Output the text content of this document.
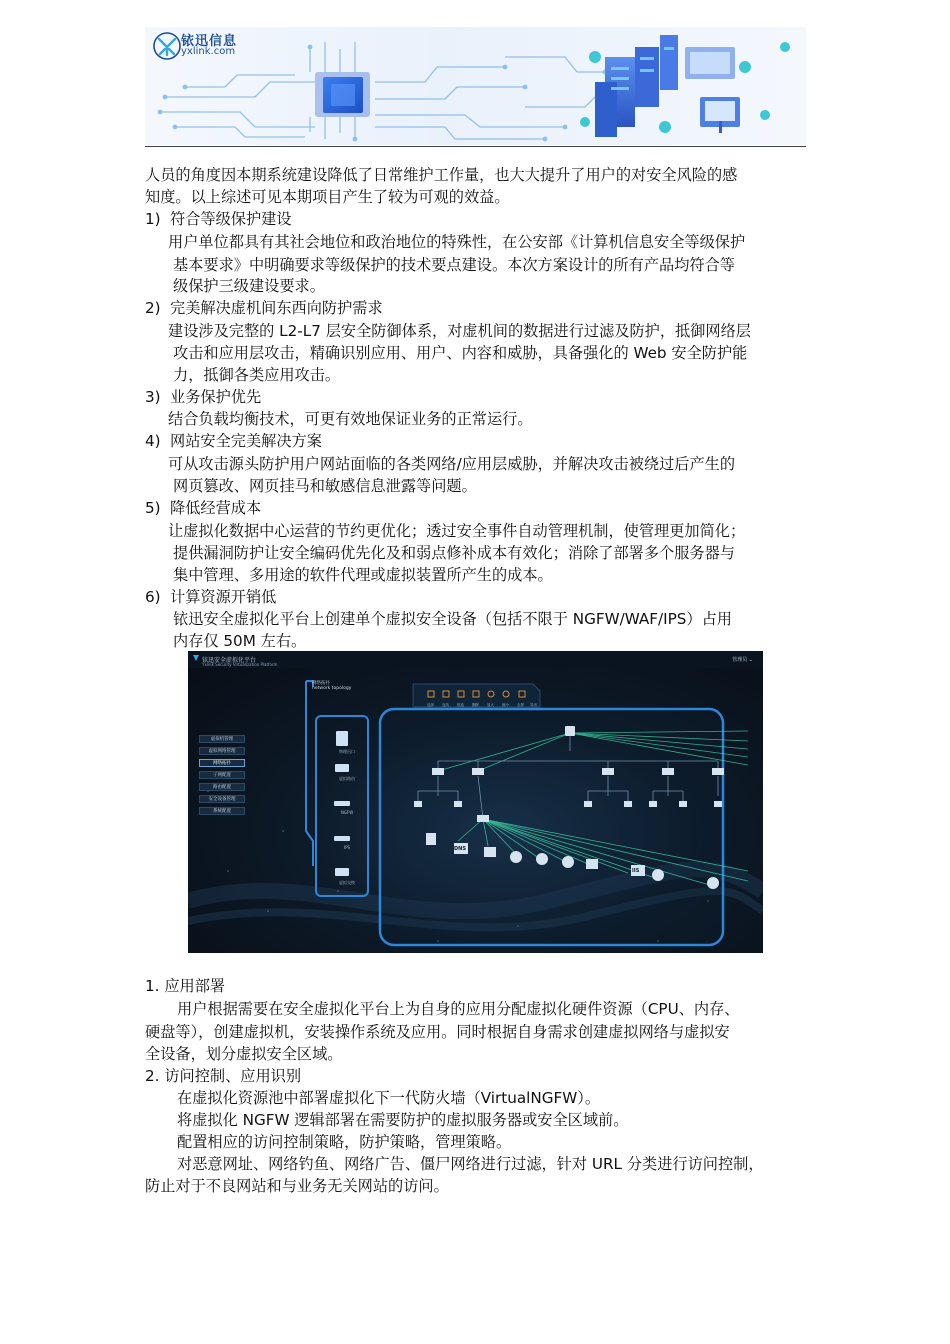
铱迅信息
yxlink.com
人员的角度因本期系统建设降低了日常维护工作量，也大大提升了用户的对安全风险的感
知度。以上综述可见本期项目产生了较为可观的效益。
1) 符合等级保护建设
用户单位都具有其社会地位和政治地位的特殊性，在公安部《计算机信息安全等级保护
基本要求》中明确要求等级保护的技术要点建设。本次方案设计的所有产品均符合等
级保护三级建设要求。
2) 完美解决虚机间东西向防护需求
建设涉及完整的 L2-L7 层安全防御体系，对虚机间的数据进行过滤及防护，抵御网络层
攻击和应用层攻击，精确识别应用、用户、内容和威胁，具备强化的 Web 安全防护能
力，抵御各类应用攻击。
3) 业务保护优先
结合负载均衡技术，可更有效地保证业务的正常运行。
4) 网站安全完美解决方案
可从攻击源头防护用户网站面临的各类网络/应用层威胁，并解决攻击被绕过后产生的
网页篡改、网页挂马和敏感信息泄露等问题。
5) 降低经营成本
让虚拟化数据中心运营的节约更优化；透过安全事件自动管理机制，使管理更加简化；
提供漏洞防护让安全编码优先化及和弱点修补成本有效化；消除了部署多个服务器与
集中管理、多用途的软件代理或虚拟装置所产生的成本。
6) 计算资源开销低
铱迅安全虚拟化平台上创建单个虚拟安全设备（包括不限于 NGFW/WAF/IPS）占用
内存仅 50M 左右。
铱迅安全虚拟化平台
Yxlink Security Virtualization Platform
管理员 ⌄
网络拓扑
network topology
虚拟机管理
虚拟网络管理
网络拓扑
子网配置
路由配置
安全设备管理
系统配置
物理出口
虚拟路由
NGFW
IPS
虚拟交换
选择 连线 框选 删除 放大 缩小 全屏 导出
DNS
IIS
1. 应用部署
用户根据需要在安全虚拟化平台上为自身的应用分配虚拟化硬件资源（CPU、内存、
硬盘等），创建虚拟机，安装操作系统及应用。同时根据自身需求创建虚拟网络与虚拟安
全设备，划分虚拟安全区域。
2. 访问控制、应用识别
在虚拟化资源池中部署虚拟化下一代防火墙（VirtualNGFW）。
将虚拟化 NGFW 逻辑部署在需要防护的虚拟服务器或安全区域前。
配置相应的访问控制策略，防护策略，管理策略。
对恶意网址、网络钓鱼、网络广告、僵尸网络进行过滤，针对 URL 分类进行访问控制，
防止对于不良网站和与业务无关网站的访问。
